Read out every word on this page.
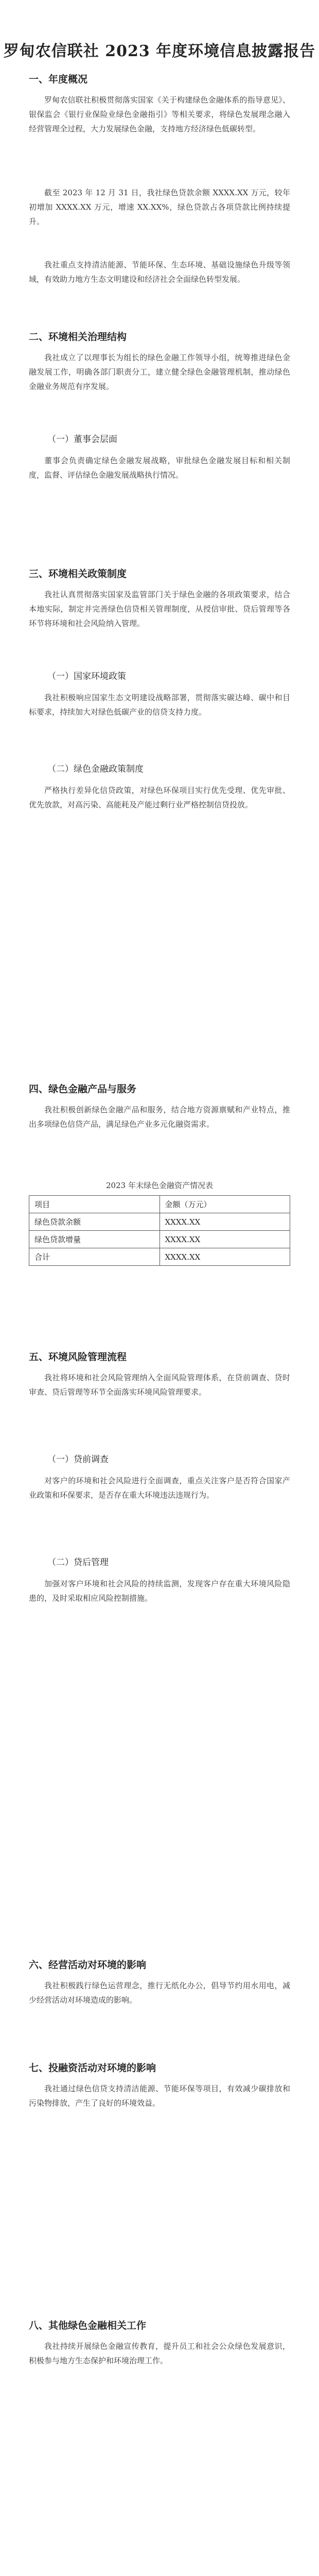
罗甸农信联社 2023 年度环境信息披露报告
一、年度概况
罗甸农信联社积极贯彻落实国家《关于构建绿色金融体系的指导意见》、银保监会《银行业保险业绿色金融指引》等相关要求，将绿色发展理念融入经营管理全过程，大力发展绿色金融，支持地方经济绿色低碳转型。
截至 2023 年 12 月 31 日，我社绿色贷款余额 XXXX.XX 万元，较年初增加 XXXX.XX 万元，增速 XX.XX%，绿色贷款占各项贷款比例持续提升。
我社重点支持清洁能源、节能环保、生态环境、基础设施绿色升级等领域，有效助力地方生态文明建设和经济社会全面绿色转型发展。
二、环境相关治理结构
我社成立了以理事长为组长的绿色金融工作领导小组，统筹推进绿色金融发展工作，明确各部门职责分工，建立健全绿色金融管理机制，推动绿色金融业务规范有序发展。
（一）董事会层面
董事会负责确定绿色金融发展战略，审批绿色金融发展目标和相关制度，监督、评估绿色金融发展战略执行情况。
三、环境相关政策制度
我社认真贯彻落实国家及监管部门关于绿色金融的各项政策要求，结合本地实际，制定并完善绿色信贷相关管理制度，从授信审批、贷后管理等各环节将环境和社会风险纳入管理。
（一）国家环境政策
我社积极响应国家生态文明建设战略部署，贯彻落实碳达峰、碳中和目标要求，持续加大对绿色低碳产业的信贷支持力度。
（二）绿色金融政策制度
严格执行差异化信贷政策，对绿色环保项目实行优先受理、优先审批、优先放款，对高污染、高能耗及产能过剩行业严格控制信贷投放。
四、绿色金融产品与服务
我社积极创新绿色金融产品和服务，结合地方资源禀赋和产业特点，推出多项绿色信贷产品，满足绿色产业多元化融资需求。
2023 年末绿色金融资产情况表
项目	金额（万元）
绿色贷款余额	XXXX.XX
绿色贷款增量	XXXX.XX
合计	XXXX.XX
五、环境风险管理流程
我社将环境和社会风险管理纳入全面风险管理体系，在贷前调查、贷时审查、贷后管理等环节全面落实环境风险管理要求。
（一）贷前调查
对客户的环境和社会风险进行全面调查，重点关注客户是否符合国家产业政策和环保要求，是否存在重大环境违法违规行为。
（二）贷后管理
加强对客户环境和社会风险的持续监测，发现客户存在重大环境风险隐患的，及时采取相应风险控制措施。
六、经营活动对环境的影响
我社积极践行绿色运营理念，推行无纸化办公，倡导节约用水用电，减少经营活动对环境造成的影响。
七、投融资活动对环境的影响
我社通过绿色信贷支持清洁能源、节能环保等项目，有效减少碳排放和污染物排放，产生了良好的环境效益。
八、其他绿色金融相关工作
我社持续开展绿色金融宣传教育，提升员工和社会公众绿色发展意识，积极参与地方生态保护和环境治理工作。
